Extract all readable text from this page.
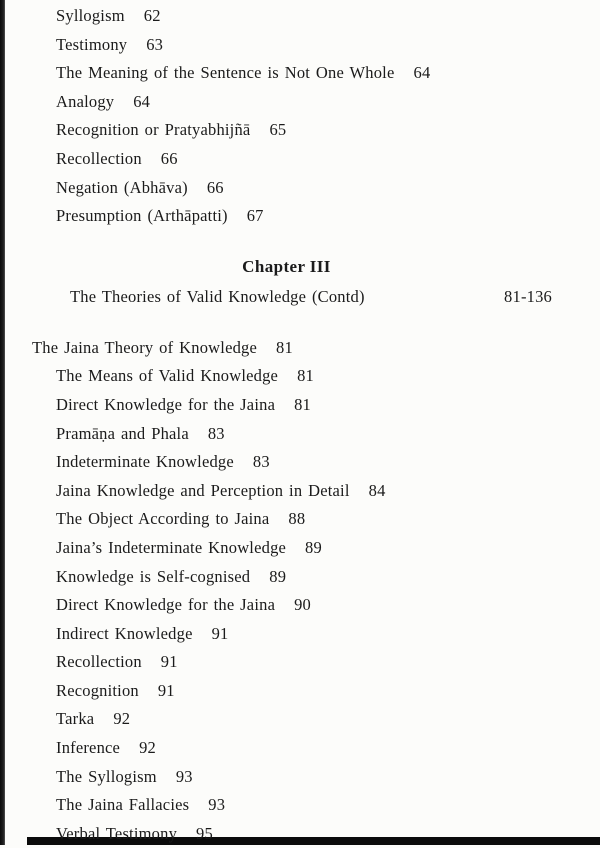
Syllogism 62
Testimony 63
The Meaning of the Sentence is Not One Whole 64
Analogy 64
Recognition or Pratyabhijñā 65
Recollection 66
Negation (Abhāva) 66
Presumption (Arthāpatti) 67
Chapter III
The Theories of Valid Knowledge (Contd)	81-136
The Jaina Theory of Knowledge 81
The Means of Valid Knowledge 81
Direct Knowledge for the Jaina 81
Pramāṇa and Phala 83
Indeterminate Knowledge 83
Jaina Knowledge and Perception in Detail 84
The Object According to Jaina 88
Jaina’s Indeterminate Knowledge 89
Knowledge is Self-cognised 89
Direct Knowledge for the Jaina 90
Indirect Knowledge 91
Recollection 91
Recognition 91
Tarka 92
Inference 92
The Syllogism 93
The Jaina Fallacies 93
Verbal Testimony 95
